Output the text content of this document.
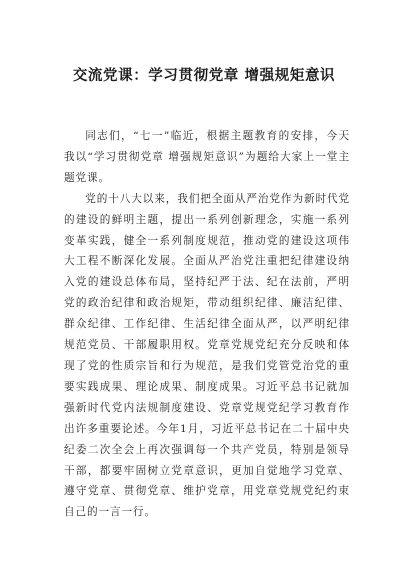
交流党课：学习贯彻党章 增强规矩意识

同志们，“七一”临近，根据主题教育的安排，今天我以“学习贯彻党章 增强规矩意识”为题给大家上一堂主题党课。

党的十八大以来，我们把全面从严治党作为新时代党的建设的鲜明主题，提出一系列创新理念，实施一系列变革实践，健全一系列制度规范，推动党的建设这项伟大工程不断深化发展。全面从严治党注重把纪律建设纳入党的建设总体布局，坚持纪严于法、纪在法前，严明党的政治纪律和政治规矩，带动组织纪律、廉洁纪律、群众纪律、工作纪律、生活纪律全面从严，以严明纪律规范党员、干部履职用权。党章党规党纪充分反映和体现了党的性质宗旨和行为规范，是我们党管党治党的重要实践成果、理论成果、制度成果。习近平总书记就加强新时代党内法规制度建设、党章党规党纪学习教育作出许多重要论述。今年1月，习近平总书记在二十届中央纪委二次全会上再次强调每一个共产党员，特别是领导干部，都要牢固树立党章意识，更加自觉地学习党章、遵守党章、贯彻党章、维护党章，用党章党规党纪约束自己的一言一行。
